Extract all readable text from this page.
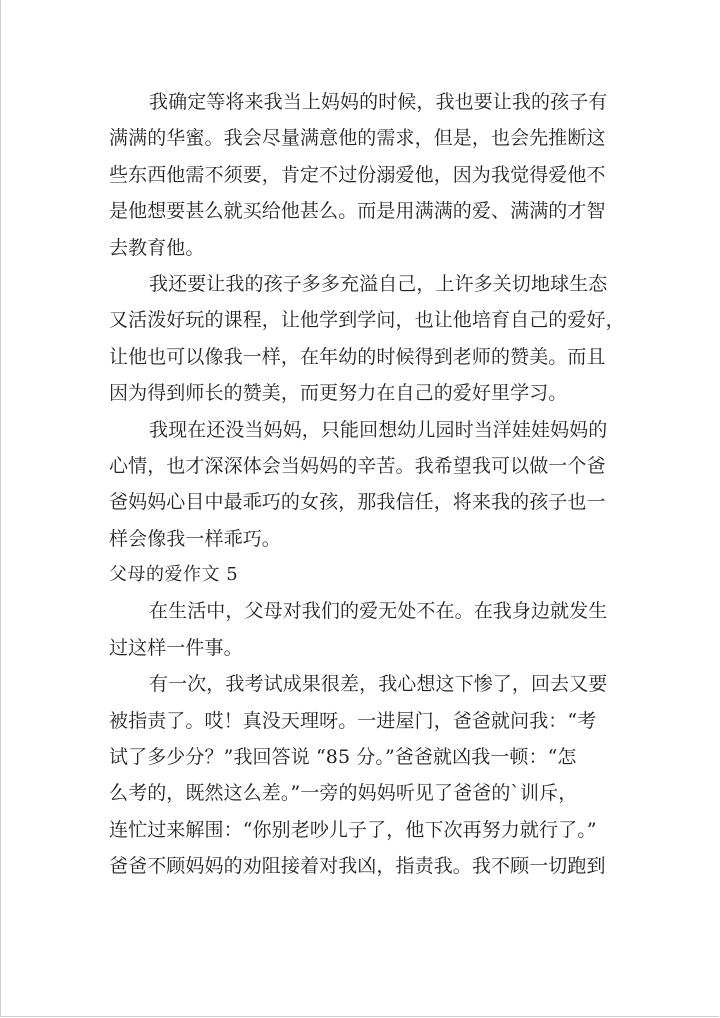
我确定等将来我当上妈妈的时候，我也要让我的孩子有
满满的华蜜。我会尽量满意他的需求，但是，也会先推断这
些东西他需不须要，肯定不过份溺爱他，因为我觉得爱他不
是他想要甚么就买给他甚么。而是用满满的爱、满满的才智
去教育他。
我还要让我的孩子多多充溢自己，上许多关切地球生态
又活泼好玩的课程，让他学到学问，也让他培育自己的爱好，
让他也可以像我一样，在年幼的时候得到老师的赞美。而且
因为得到师长的赞美，而更努力在自己的爱好里学习。
我现在还没当妈妈，只能回想幼儿园时当洋娃娃妈妈的
心情，也才深深体会当妈妈的辛苦。我希望我可以做一个爸
爸妈妈心目中最乖巧的女孩，那我信任，将来我的孩子也一
样会像我一样乖巧。
父母的爱作文 5
在生活中，父母对我们的爱无处不在。在我身边就发生
过这样一件事。
有一次，我考试成果很差，我心想这下惨了，回去又要
被指责了。哎！真没天理呀。一进屋门，爸爸就问我：“考
试了多少分？”我回答说 “85 分。”爸爸就凶我一顿：“怎
么考的，既然这么差。”一旁的妈妈听见了爸爸的`训斥，
连忙过来解围：“你别老吵儿子了，他下次再努力就行了。”
爸爸不顾妈妈的劝阻接着对我凶，指责我。我不顾一切跑到
